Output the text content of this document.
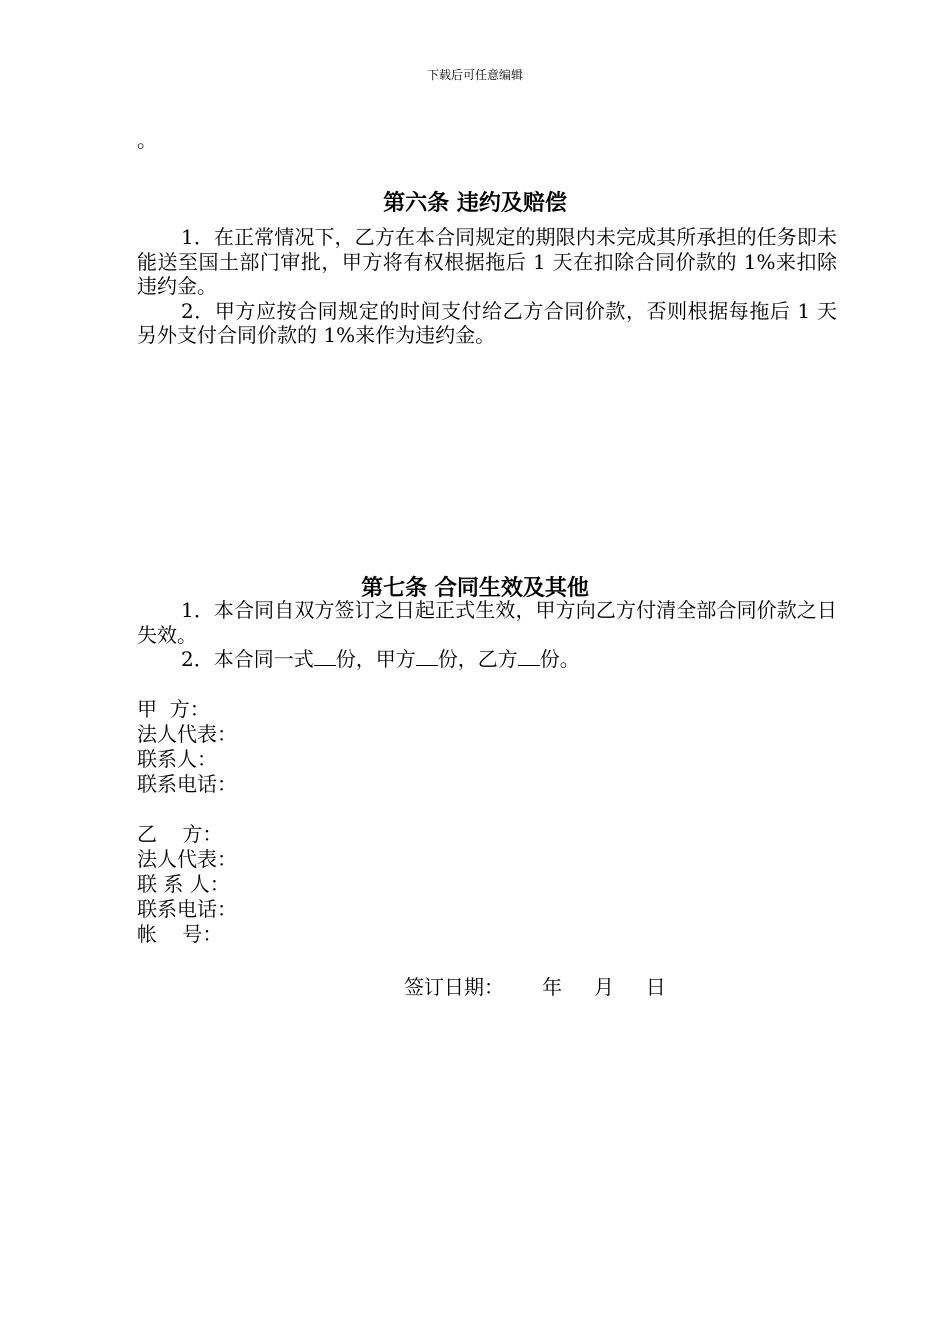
下载后可任意编辑
。
第六条 违约及赔偿
1．在正常情况下，乙方在本合同规定的期限内未完成其所承担的任务即未能送至国土部门审批，甲方将有权根据拖后 1 天在扣除合同价款的 1%来扣除违约金。
2．甲方应按合同规定的时间支付给乙方合同价款，否则根据每拖后 1 天另外支付合同价款的 1%来作为违约金。
第七条 合同生效及其他
1．本合同自双方签订之日起正式生效，甲方向乙方付清全部合同价款之日失效。
2．本合同一式 份，甲方 份，乙方 份。
甲  方：
法人代表：
联系人：
联系电话：
乙    方：
法人代表：
联 系 人：
联系电话：
帐    号：
签订日期： 年 月 日
